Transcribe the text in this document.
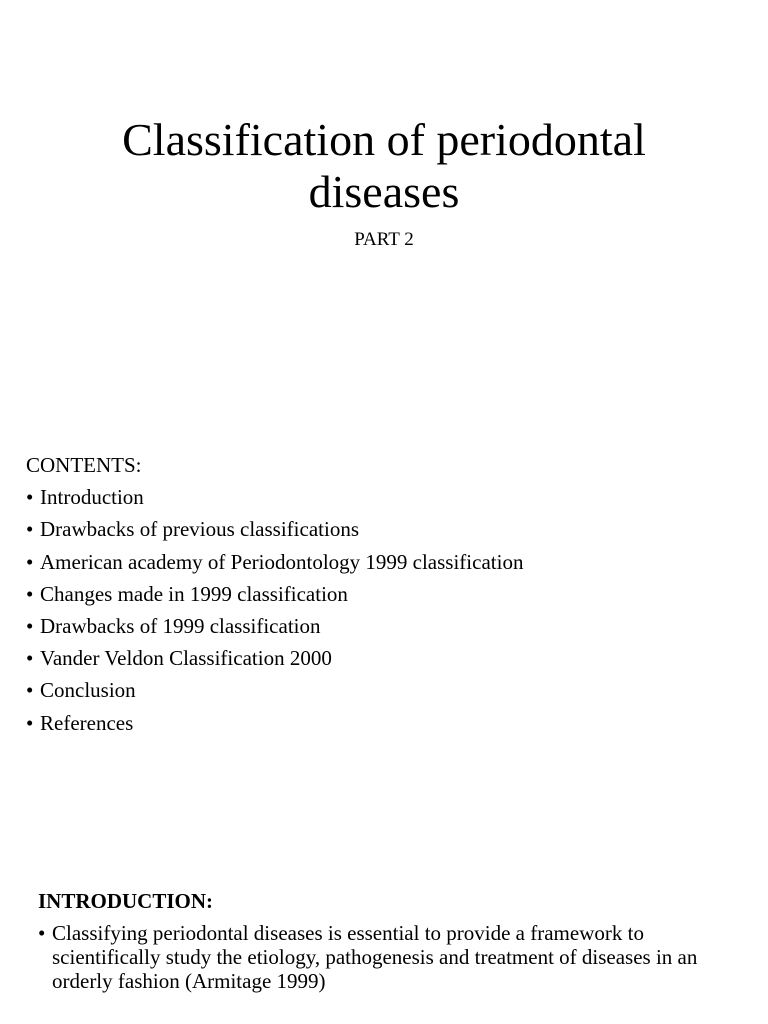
Classification of periodontal
diseases
PART 2
CONTENTS:
• Introduction
• Drawbacks of previous classifications
• American academy of Periodontology 1999 classification
• Changes made in 1999 classification
• Drawbacks of 1999 classification
• Vander Veldon Classification 2000
• Conclusion
• References
INTRODUCTION:
• Classifying periodontal diseases is essential to provide a framework to scientifically study the etiology, pathogenesis and treatment of diseases in an orderly fashion (Armitage 1999)
